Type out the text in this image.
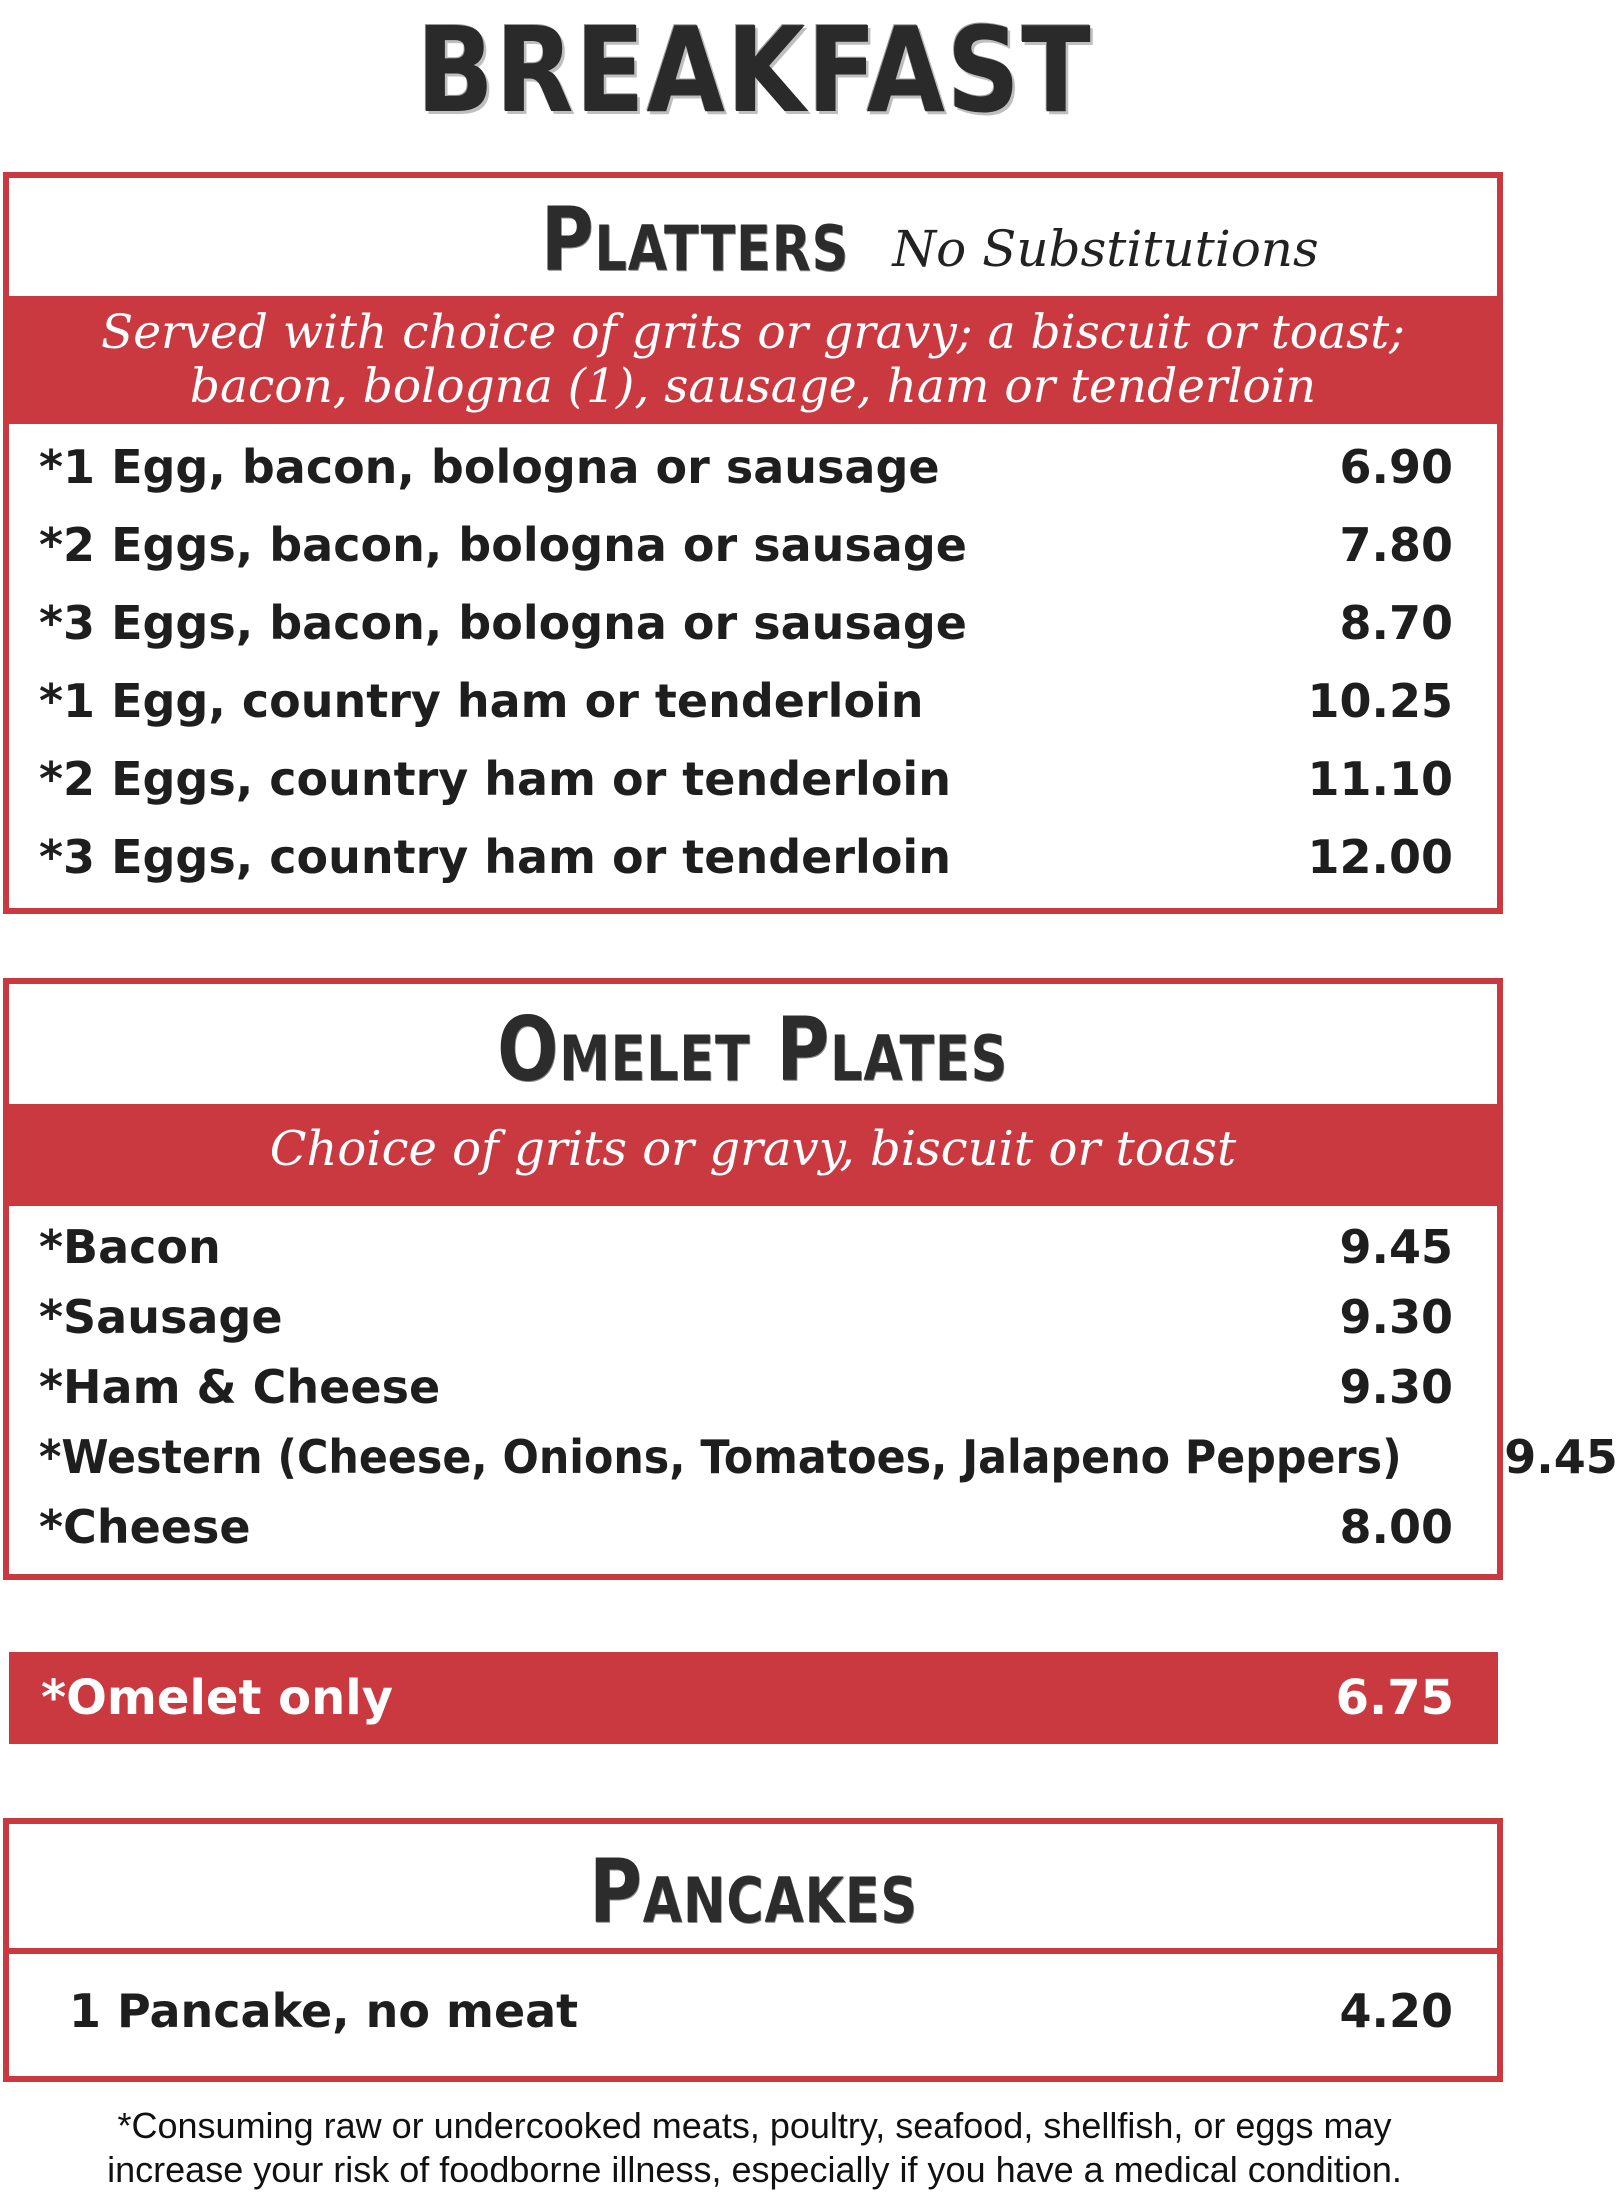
BREAKFAST
Platters No Substitutions
Served with choice of grits or gravy; a biscuit or toast;
bacon, bologna (1), sausage, ham or tenderloin
*1 Egg, bacon, bologna or sausage	6.90
*2 Eggs, bacon, bologna or sausage	7.80
*3 Eggs, bacon, bologna or sausage	8.70
*1 Egg, country ham or tenderloin	10.25
*2 Eggs, country ham or tenderloin	11.10
*3 Eggs, country ham or tenderloin	12.00
Omelet Plates
Choice of grits or gravy, biscuit or toast
*Bacon	9.45
*Sausage	9.30
*Ham & Cheese	9.30
*Western (Cheese, Onions, Tomatoes, Jalapeno Peppers) 9.45
*Cheese	8.00
*Omelet only	6.75
Pancakes
1 Pancake, no meat	4.20
*Consuming raw or undercooked meats, poultry, seafood, shellfish, or eggs may
increase your risk of foodborne illness, especially if you have a medical condition.
